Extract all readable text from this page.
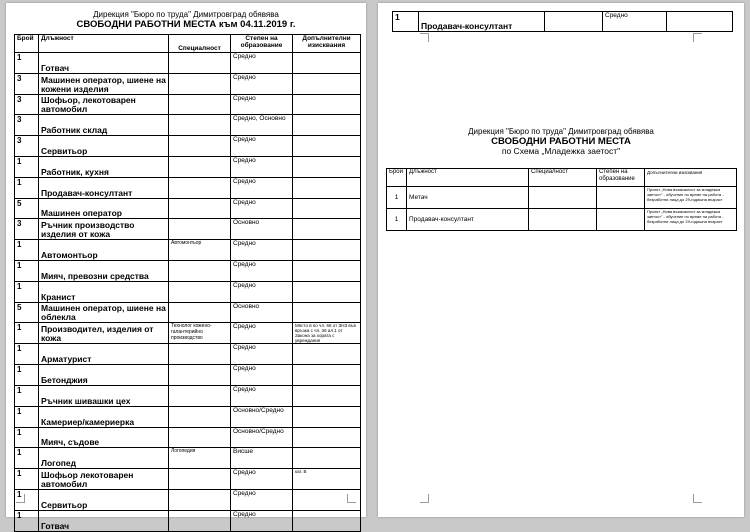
Дирекция "Бюро по труда" Димитровград обявява
СВОБОДНИ РАБОТНИ МЕСТА към 04.11.2019 г.
Брой	Длъжност	Специалност	Степен на образование	Допълнителни изисквания
1	Готвач		Средно	
3	Машинен оператор, шиене на кожени изделия		Средно	
3	Шофьор, лекотоварен автомобил		Средно	
3	Работник склад		Средно, Основно	
3	Сервитьор		Средно	
1	Работник, кухня		Средно	
1	Продавач-консултант		Средно	
5	Машинен оператор		Средно	
3	Ръчник производство изделия от кожа		Основно	
1	Автомонтьор	Автомонтьор	Средно	
1	Мияч, превозни средства		Средно	
1	Кранист		Средно	
5	Машинен оператор, шиене на облекла		Основно	
1	Производител, изделия от кожа	Технолог кожено-галантерийно производство	Средно	Място в по чл. 66 от ЗНЗ във връзка с чл. 36 ал.1 от Закона за хората с увреждания
1	Арматурист		Средно	
1	Бетонджия		Средно	
1	Ръчник шивашки цех		Средно	
1	Камериер/камериерка		Основно/Средно	
1	Мияч, съдове		Основно/Средно	
1	Логопед	Логопедия	Висше	
1	Шофьор лекотоварен автомобил		Средно	кат. В
1	Сервитьор		Средно	
1	Готвач		Средно	
1	Продавач-консултант		Средно	
Дирекция "Бюро по труда" Димитровград обявява
СВОБОДНИ РАБОТНИ МЕСТА
по Схема „Младежка заетост"
Брой	Длъжност	Специалност	Степен на образование	Допълнителни изисквания
1	Метач			Проект „Нова възможност за младежка заетост" - обучение по време на работа - безработни лица до 29-годишна възраст
1	Продавач-консултант			Проект „Нова възможност за младежка заетост" - обучение по време на работа - безработни лица до 29-годишна възраст
